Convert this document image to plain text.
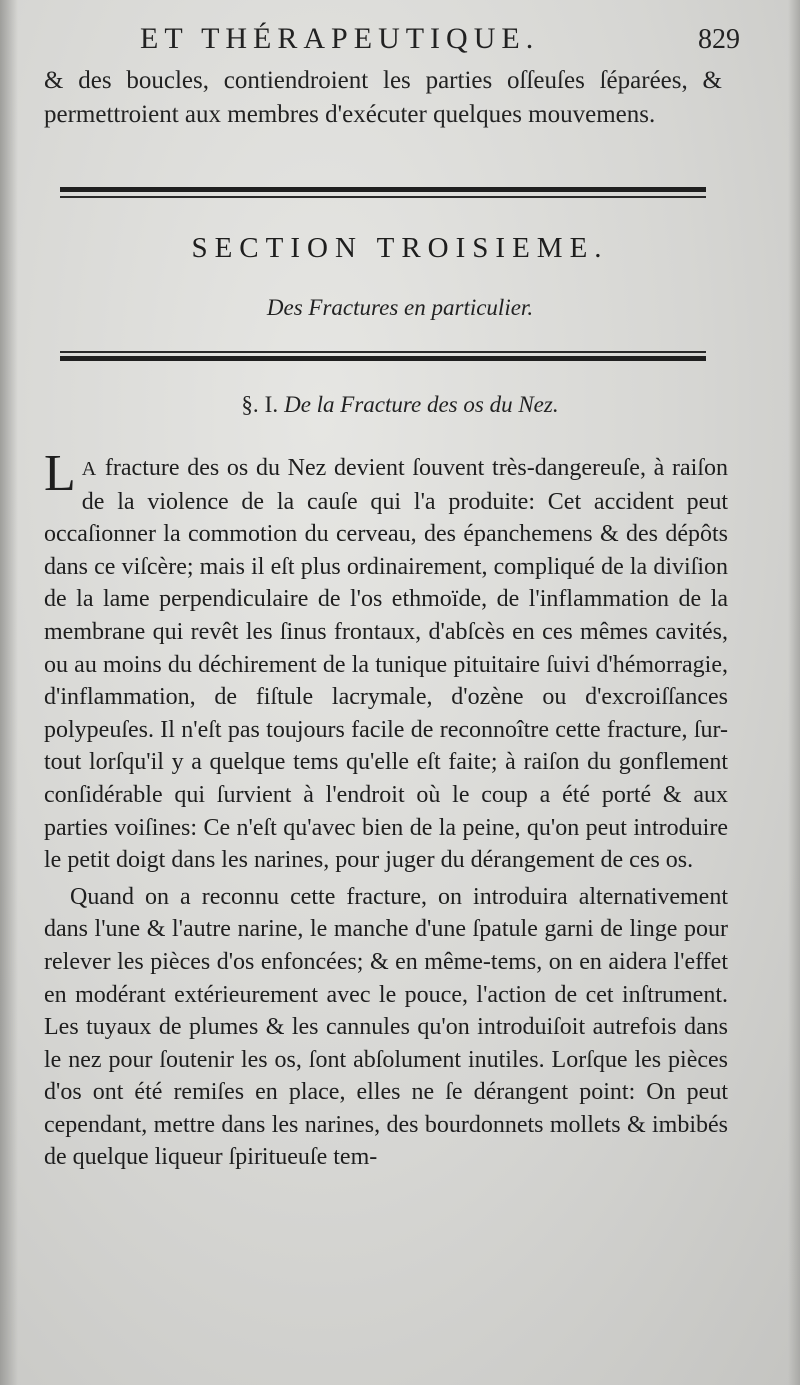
ET THÉRAPEUTIQUE.	829

& des boucles, contiendroient les parties oſſeuſes ſéparées, & permettroient aux membres d'exécuter quelques mouvemens.

SECTION TROISIEME.
Des Fractures en particulier.
§. I. De la Fracture des os du Nez.

L A fracture des os du Nez devient ſouvent très-dangereuſe, à raiſon de la violence de la cauſe qui l'a produite: Cet accident peut occaſionner la commotion du cerveau, des épanchemens & des dépôts dans ce viſcère; mais il eſt plus ordinairement, compliqué de la diviſion de la lame perpendiculaire de l'os ethmoïde, de l'inflammation de la membrane qui revêt les ſinus frontaux, d'abſcès en ces mêmes cavités, ou au moins du déchirement de la tunique pituitaire ſuivi d'hémorragie, d'inflammation, de fiſtule lacrymale, d'ozène ou d'excroiſſances polypeuſes. Il n'eſt pas toujours facile de reconnoître cette fracture, ſur-tout lorſqu'il y a quelque tems qu'elle eſt faite; à raiſon du gonflement conſidérable qui ſurvient à l'endroit où le coup a été porté & aux parties voiſines: Ce n'eſt qu'avec bien de la peine, qu'on peut introduire le petit doigt dans les narines, pour juger du dérangement de ces os.

Quand on a reconnu cette fracture, on introduira alternativement dans l'une & l'autre narine, le manche d'une ſpatule garni de linge pour relever les pièces d'os enfoncées; & en même-tems, on en aidera l'effet en modérant extérieurement avec le pouce, l'action de cet inſtrument. Les tuyaux de plumes & les cannules qu'on introduiſoit autrefois dans le nez pour ſoutenir les os, ſont abſolument inutiles. Lorſque les pièces d'os ont été remiſes en place, elles ne ſe dérangent point: On peut cependant, mettre dans les narines, des bourdonnets mollets & imbibés de quelque liqueur ſpiritueuſe tem-
